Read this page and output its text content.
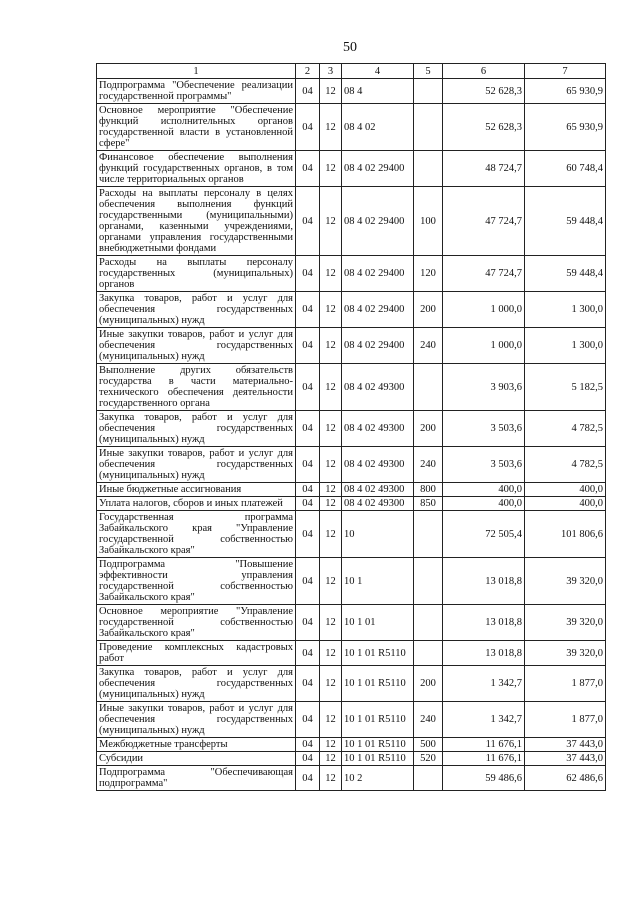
50
1	2	3	4	5	6	7
Подпрограмма "Обеспечение реализации государственной программы"	04	12	08 4		52 628,3	65 930,9
Основное мероприятие "Обеспечение функций исполнительных органов государственной власти в установленной сфере"	04	12	08 4 02		52 628,3	65 930,9
Финансовое обеспечение выполнения функций государственных органов, в том числе территориальных органов	04	12	08 4 02 29400		48 724,7	60 748,4
Расходы на выплаты персоналу в целях обеспечения выполнения функций государственными (муниципальными) органами, казенными учреждениями, органами управления государственными внебюджетными фондами	04	12	08 4 02 29400	100	47 724,7	59 448,4
Расходы на выплаты персоналу государственных (муниципальных) органов	04	12	08 4 02 29400	120	47 724,7	59 448,4
Закупка товаров, работ и услуг для обеспечения государственных (муниципальных) нужд	04	12	08 4 02 29400	200	1 000,0	1 300,0
Иные закупки товаров, работ и услуг для обеспечения государственных (муниципальных) нужд	04	12	08 4 02 29400	240	1 000,0	1 300,0
Выполнение других обязательств государства в части материально-технического обеспечения деятельности государственного органа	04	12	08 4 02 49300		3 903,6	5 182,5
Закупка товаров, работ и услуг для обеспечения государственных (муниципальных) нужд	04	12	08 4 02 49300	200	3 503,6	4 782,5
Иные закупки товаров, работ и услуг для обеспечения государственных (муниципальных) нужд	04	12	08 4 02 49300	240	3 503,6	4 782,5
Иные бюджетные ассигнования	04	12	08 4 02 49300	800	400,0	400,0
Уплата налогов, сборов и иных платежей	04	12	08 4 02 49300	850	400,0	400,0
Государственная программа Забайкальского края "Управление государственной собственностью Забайкальского края"	04	12	10		72 505,4	101 806,6
Подпрограмма "Повышение эффективности управления государственной собственностью Забайкальского края"	04	12	10 1		13 018,8	39 320,0
Основное мероприятие "Управление государственной собственностью Забайкальского края"	04	12	10 1 01		13 018,8	39 320,0
Проведение комплексных кадастровых работ	04	12	10 1 01 R5110		13 018,8	39 320,0
Закупка товаров, работ и услуг для обеспечения государственных (муниципальных) нужд	04	12	10 1 01 R5110	200	1 342,7	1 877,0
Иные закупки товаров, работ и услуг для обеспечения государственных (муниципальных) нужд	04	12	10 1 01 R5110	240	1 342,7	1 877,0
Межбюджетные трансферты	04	12	10 1 01 R5110	500	11 676,1	37 443,0
Субсидии	04	12	10 1 01 R5110	520	11 676,1	37 443,0
Подпрограмма "Обеспечивающая подпрограмма"	04	12	10 2		59 486,6	62 486,6
